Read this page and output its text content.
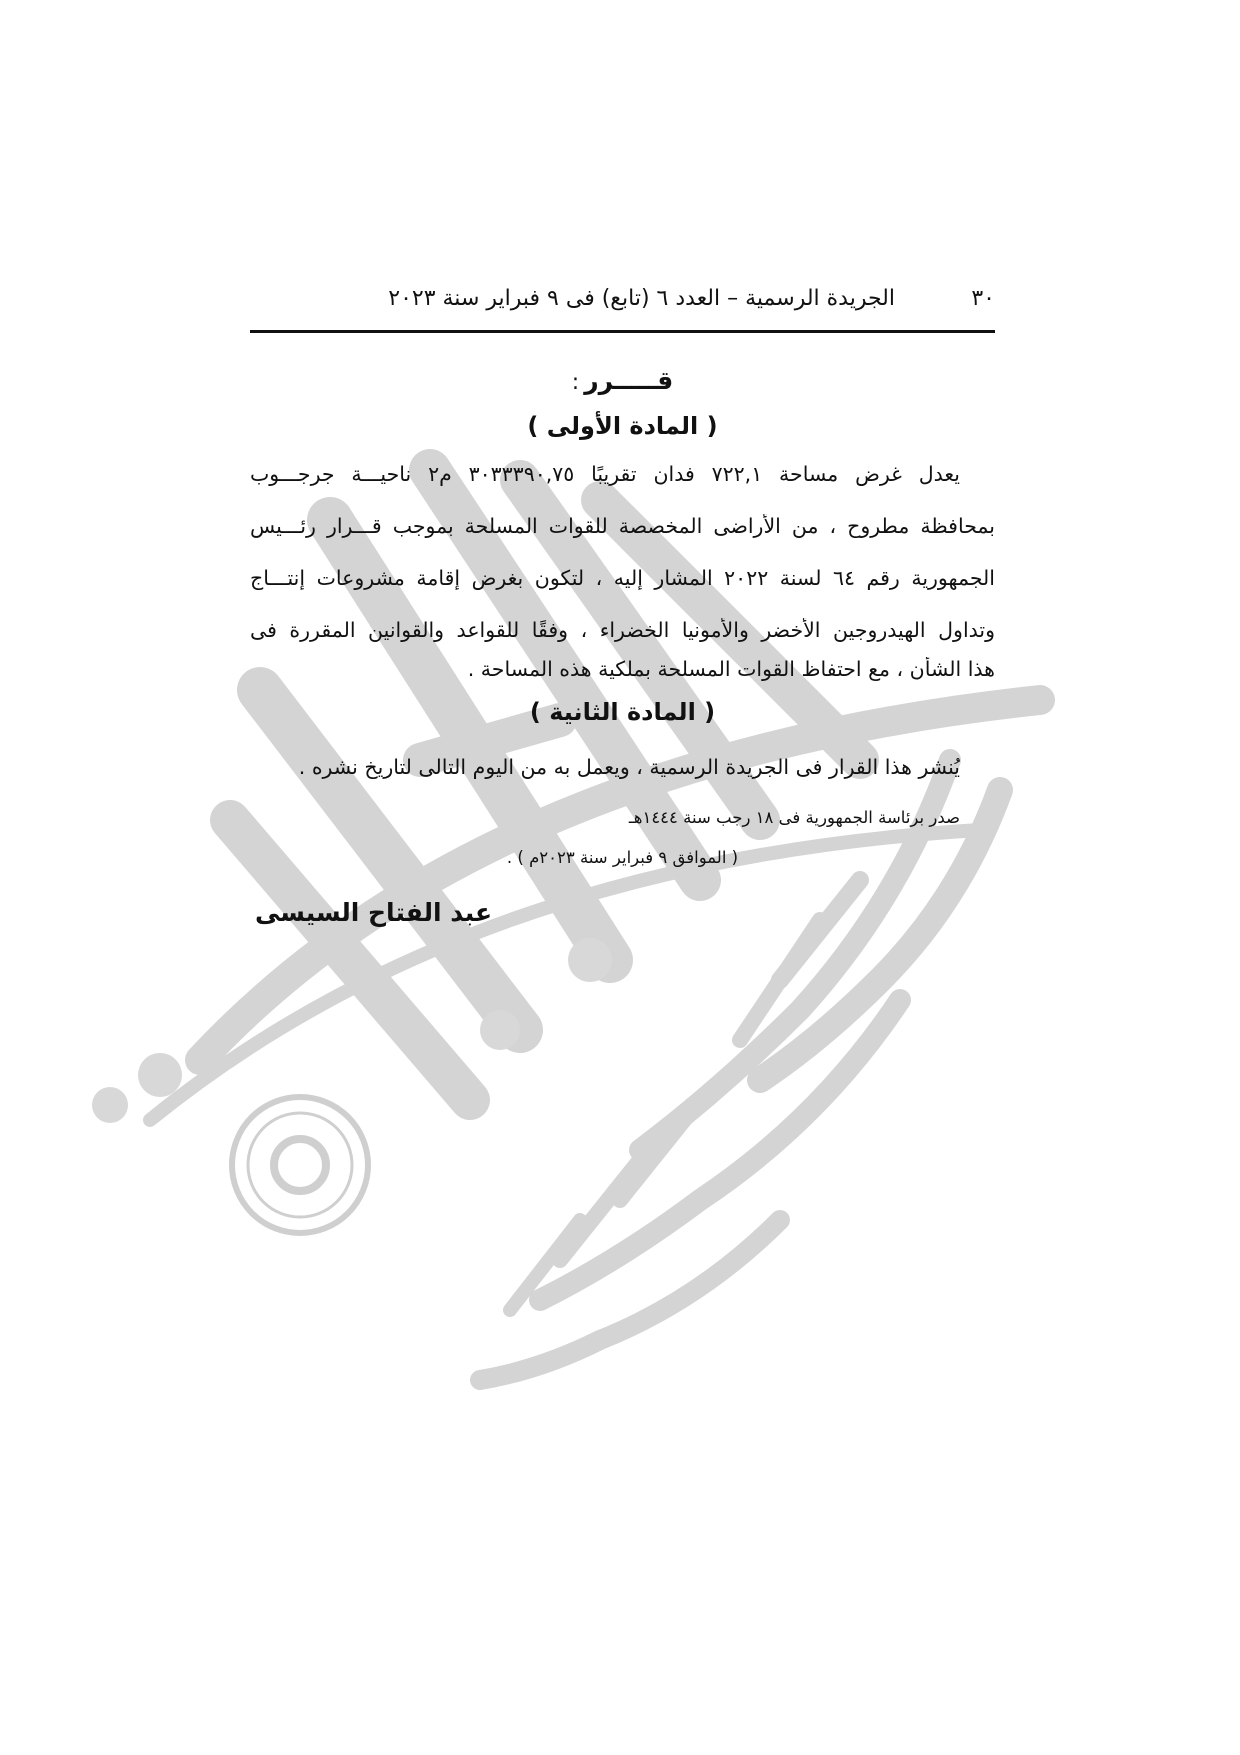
٣٠
الجريدة الرسمية – العدد ٦ (تابع) فى ٩ فبراير سنة ٢٠٢٣
قـــــرر :
( المادة الأولى )
يعدل غرض مساحة ٧٢٢,١ فدان تقريبًا ٣٠٣٣٣٩٠,٧٥ م٢ ناحيـــة جرجـــوب
بمحافظة مطروح ، من الأراضى المخصصة للقوات المسلحة بموجب قـــرار رئـــيس
الجمهورية رقم ٦٤ لسنة ٢٠٢٢ المشار إليه ، لتكون بغرض إقامة مشروعات إنتـــاج
وتداول الهيدروجين الأخضر والأمونيا الخضراء ، وفقًا للقواعد والقوانين المقررة فى
هذا الشأن ، مع احتفاظ القوات المسلحة بملكية هذه المساحة .
( المادة الثانية )
يُنشر هذا القرار فى الجريدة الرسمية ، ويعمل به من اليوم التالى لتاريخ نشره .
صدر برئاسة الجمهورية فى ١٨ رجب سنة ١٤٤٤هـ
( الموافق ٩ فبراير سنة ٢٠٢٣م ) .
عبد الفتاح السيسى
